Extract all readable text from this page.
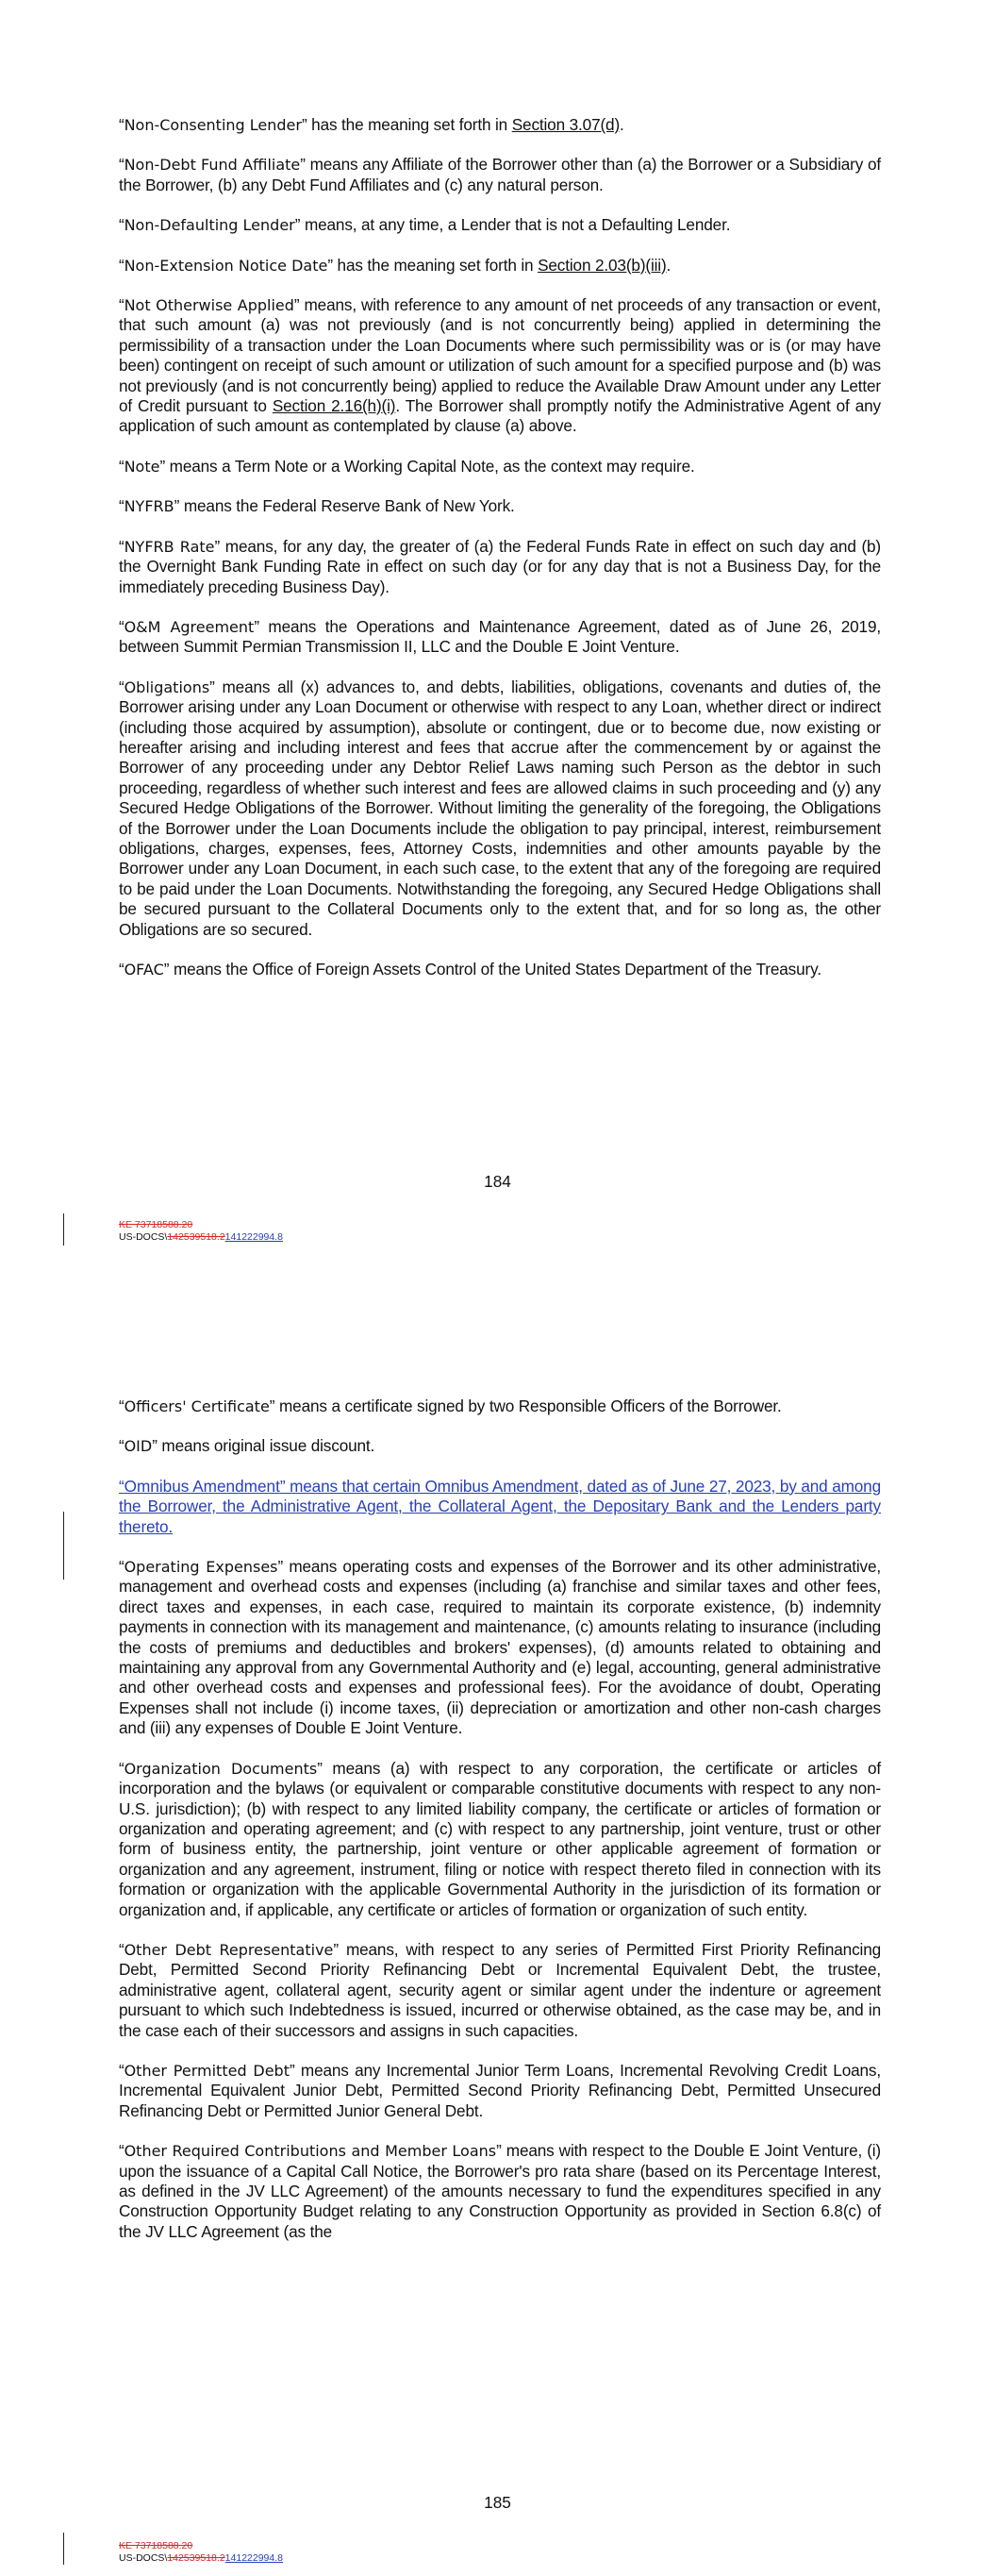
“Non-Consenting Lender” has the meaning set forth in Section 3.07(d).

“Non-Debt Fund Affiliate” means any Affiliate of the Borrower other than (a) the Borrower or a Subsidiary of the Borrower, (b) any Debt Fund Affiliates and (c) any natural person.

“Non-Defaulting Lender” means, at any time, a Lender that is not a Defaulting Lender.

“Non-Extension Notice Date” has the meaning set forth in Section 2.03(b)(iii).

“Not Otherwise Applied” means, with reference to any amount of net proceeds of any transaction or event, that such amount (a) was not previously (and is not concurrently being) applied in determining the permissibility of a transaction under the Loan Documents where such permissibility was or is (or may have been) contingent on receipt of such amount or utilization of such amount for a specified purpose and (b) was not previously (and is not concurrently being) applied to reduce the Available Draw Amount under any Letter of Credit pursuant to Section 2.16(h)(i). The Borrower shall promptly notify the Administrative Agent of any application of such amount as contemplated by clause (a) above.

“Note” means a Term Note or a Working Capital Note, as the context may require.

“NYFRB” means the Federal Reserve Bank of New York.

“NYFRB Rate” means, for any day, the greater of (a) the Federal Funds Rate in effect on such day and (b) the Overnight Bank Funding Rate in effect on such day (or for any day that is not a Business Day, for the immediately preceding Business Day).

“O&M Agreement” means the Operations and Maintenance Agreement, dated as of June 26, 2019, between Summit Permian Transmission II, LLC and the Double E Joint Venture.

“Obligations” means all (x) advances to, and debts, liabilities, obligations, covenants and duties of, the Borrower arising under any Loan Document or otherwise with respect to any Loan, whether direct or indirect (including those acquired by assumption), absolute or contingent, due or to become due, now existing or hereafter arising and including interest and fees that accrue after the commencement by or against the Borrower of any proceeding under any Debtor Relief Laws naming such Person as the debtor in such proceeding, regardless of whether such interest and fees are allowed claims in such proceeding and (y) any Secured Hedge Obligations of the Borrower. Without limiting the generality of the foregoing, the Obligations of the Borrower under the Loan Documents include the obligation to pay principal, interest, reimbursement obligations, charges, expenses, fees, Attorney Costs, indemnities and other amounts payable by the Borrower under any Loan Document, in each such case, to the extent that any of the foregoing are required to be paid under the Loan Documents. Notwithstanding the foregoing, any Secured Hedge Obligations shall be secured pursuant to the Collateral Documents only to the extent that, and for so long as, the other Obligations are so secured.

“OFAC” means the Office of Foreign Assets Control of the United States Department of the Treasury.

184
KE 73718588.20
US-DOCS\142539518.2141222994.8

“Officers' Certificate” means a certificate signed by two Responsible Officers of the Borrower.

“OID” means original issue discount.

“Omnibus Amendment” means that certain Omnibus Amendment, dated as of June 27, 2023, by and among the Borrower, the Administrative Agent, the Collateral Agent, the Depositary Bank and the Lenders party thereto.

“Operating Expenses” means operating costs and expenses of the Borrower and its other administrative, management and overhead costs and expenses (including (a) franchise and similar taxes and other fees, direct taxes and expenses, in each case, required to maintain its corporate existence, (b) indemnity payments in connection with its management and maintenance, (c) amounts relating to insurance (including the costs of premiums and deductibles and brokers' expenses), (d) amounts related to obtaining and maintaining any approval from any Governmental Authority and (e) legal, accounting, general administrative and other overhead costs and expenses and professional fees). For the avoidance of doubt, Operating Expenses shall not include (i) income taxes, (ii) depreciation or amortization and other non-cash charges and (iii) any expenses of Double E Joint Venture.

“Organization Documents” means (a) with respect to any corporation, the certificate or articles of incorporation and the bylaws (or equivalent or comparable constitutive documents with respect to any non-U.S. jurisdiction); (b) with respect to any limited liability company, the certificate or articles of formation or organization and operating agreement; and (c) with respect to any partnership, joint venture, trust or other form of business entity, the partnership, joint venture or other applicable agreement of formation or organization and any agreement, instrument, filing or notice with respect thereto filed in connection with its formation or organization with the applicable Governmental Authority in the jurisdiction of its formation or organization and, if applicable, any certificate or articles of formation or organization of such entity.

“Other Debt Representative” means, with respect to any series of Permitted First Priority Refinancing Debt, Permitted Second Priority Refinancing Debt or Incremental Equivalent Debt, the trustee, administrative agent, collateral agent, security agent or similar agent under the indenture or agreement pursuant to which such Indebtedness is issued, incurred or otherwise obtained, as the case may be, and in the case each of their successors and assigns in such capacities.

“Other Permitted Debt” means any Incremental Junior Term Loans, Incremental Revolving Credit Loans, Incremental Equivalent Junior Debt, Permitted Second Priority Refinancing Debt, Permitted Unsecured Refinancing Debt or Permitted Junior General Debt.

“Other Required Contributions and Member Loans” means with respect to the Double E Joint Venture, (i) upon the issuance of a Capital Call Notice, the Borrower's pro rata share (based on its Percentage Interest, as defined in the JV LLC Agreement) of the amounts necessary to fund the expenditures specified in any Construction Opportunity Budget relating to any Construction Opportunity as provided in Section 6.8(c) of the JV LLC Agreement (as the

185
KE 73718588.20
US-DOCS\142539518.2141222994.8
